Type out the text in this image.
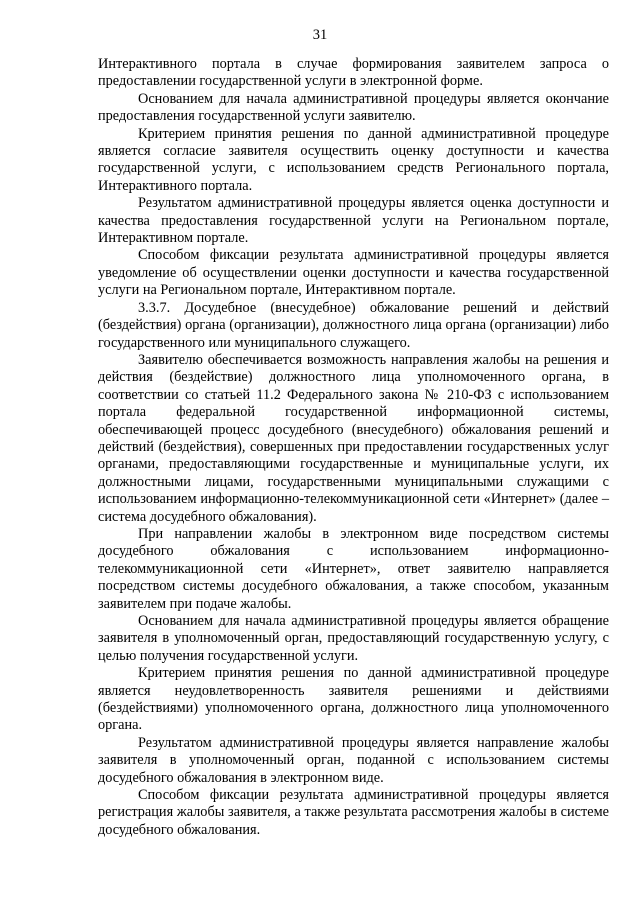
31

Интерактивного портала в случае формирования заявителем запроса о предоставлении государственной услуги в электронной форме.

Основанием для начала административной процедуры является окончание предоставления государственной услуги заявителю.

Критерием принятия решения по данной административной процедуре является согласие заявителя осуществить оценку доступности и качества государственной услуги, с использованием средств Регионального портала, Интерактивного портала.

Результатом административной процедуры является оценка доступности и качества предоставления государственной услуги на Региональном портале, Интерактивном портале.

Способом фиксации результата административной процедуры является уведомление об осуществлении оценки доступности и качества государственной услуги на Региональном портале, Интерактивном портале.

3.3.7. Досудебное (внесудебное) обжалование решений и действий (бездействия) органа (организации), должностного лица органа (организации) либо государственного или муниципального служащего.

Заявителю обеспечивается возможность направления жалобы на решения и действия (бездействие) должностного лица уполномоченного органа, в соответствии со статьей 11.2 Федерального закона № 210-ФЗ с использованием портала федеральной государственной информационной системы, обеспечивающей процесс досудебного (внесудебного) обжалования решений и действий (бездействия), совершенных при предоставлении государственных услуг органами, предоставляющими государственные и муниципальные услуги, их должностными лицами, государственными муниципальными служащими с использованием информационно-телекоммуникационной сети «Интернет» (далее – система досудебного обжалования).

При направлении жалобы в электронном виде посредством системы досудебного обжалования с использованием информационно-телекоммуникационной сети «Интернет», ответ заявителю направляется посредством системы досудебного обжалования, а также способом, указанным заявителем при подаче жалобы.

Основанием для начала административной процедуры является обращение заявителя в уполномоченный орган, предоставляющий государственную услугу, с целью получения государственной услуги.

Критерием принятия решения по данной административной процедуре является неудовлетворенность заявителя решениями и действиями (бездействиями) уполномоченного органа, должностного лица уполномоченного органа.

Результатом административной процедуры является направление жалобы заявителя в уполномоченный орган, поданной с использованием системы досудебного обжалования в электронном виде.

Способом фиксации результата административной процедуры является регистрация жалобы заявителя, а также результата рассмотрения жалобы в системе досудебного обжалования.
